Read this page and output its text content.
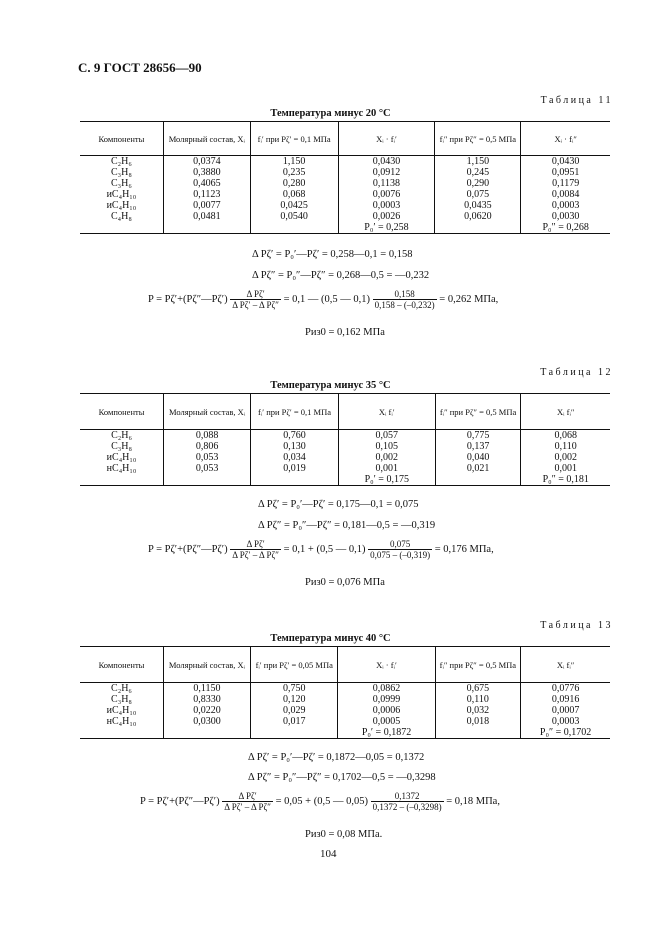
С. 9 ГОСТ 28656—90
Таблица 11
Температура минус 20 °С
Компоненты	Молярный состав, Xᵢ	fᵢ′ при Pζ′ = 0,1 МПа	Xᵢ · fᵢ′	fᵢ″ при Pζ″ = 0,5 МПа	Xᵢ · fᵢ″
C₂H₆	0,0374	1,150	0,0430	1,150	0,0430
C₃H₈	0,3880	0,235	0,0912	0,245	0,0951
C₃H₆	0,4065	0,280	0,1138	0,290	0,1179
иC₄H₁₀	0,1123	0,068	0,0076	0,075	0,0084
иC₄H₁₀	0,0077	0,0425	0,0003	0,0435	0,0003
C₄H₈	0,0481	0,0540	0,0026	0,0620	0,0030
			P₀′ = 0,258		P₀″ = 0,268
Δ Pζ′ = P₀′—Pζ′ = 0,258—0,1 = 0,158
Δ Pζ″ = P₀″—Pζ″ = 0,268—0,5 = —0,232
P = Pζ′+(Pζ″—Pζ′) $\frac{\text{Δ Pζ′}}{\text{Δ Pζ′ – Δ Pζ″}} = 0,1$ — (0,5 — $0,1) \frac{0,158}{0,158 - (-0,232)} = 0,262$ МПа,
Pиз0 = 0,162 МПа
Таблица 12
Температура минус 35 °С
Компоненты	Молярный состав, Xᵢ	fᵢ′ при Pζ′ = 0,1 МПа	Xᵢ fᵢ′	fᵢ″ при Pζ″ = 0,5 МПа	Xᵢ fᵢ″
C₂H₆	0,088	0,760	0,057	0,775	0,068
C₃H₈	0,806	0,130	0,105	0,137	0,110
иC₄H₁₀	0,053	0,034	0,002	0,040	0,002
нC₄H₁₀	0,053	0,019	0,001	0,021	0,001
			P₀′ = 0,175		P₀″ = 0,181
Δ Pζ′ = P₀′—Pζ′ = 0,175—0,1 = 0,075
Δ Pζ″ = P₀″—Pζ″ = 0,181—0,5 = —0,319
P = Pζ′+(Pζ″—Pζ′) $\frac{\text{Δ Pζ′}}{\text{Δ Pζ′ – Δ Pζ″}} = 0,1 + (0,5$ — $0,1) \frac{0,075}{0,075 - (-0,319)} = 0,176$ МПа,
Pиз0 = 0,076 МПа
Таблица 13
Температура минус 40 °С
Компоненты	Молярный состав, Xᵢ	fᵢ′ при Pζ′ = 0,05 МПа	Xᵢ · fᵢ′	fᵢ″ при Pζ″ = 0,5 МПа	Xᵢ fᵢ″
C₂H₆	0,1150	0,750	0,0862	0,675	0,0776
C₃H₈	0,8330	0,120	0,0999	0,110	0,0916
иC₄H₁₀	0,0220	0,029	0,0006	0,032	0,0007
нC₄H₁₀	0,0300	0,017	0,0005	0,018	0,0003
			P₀′ = 0,1872		P₀″ = 0,1702
Δ Pζ′ = P₀′—Pζ′ = 0,1872—0,05 = 0,1372
Δ Pζ″ = P₀″—Pζ″ = 0,1702—0,5 = —0,3298
P = Pζ′+(Pζ″—Pζ′) $\frac{\text{Δ Pζ′}}{\text{Δ Pζ′ – Δ Pζ″}} = 0,05 + (0,5$ — $0,05) \frac{0,1372}{0,1372 - (-0,3298)} = 0,18$ МПа,
Pиз0 = 0,08 МПа.
104
